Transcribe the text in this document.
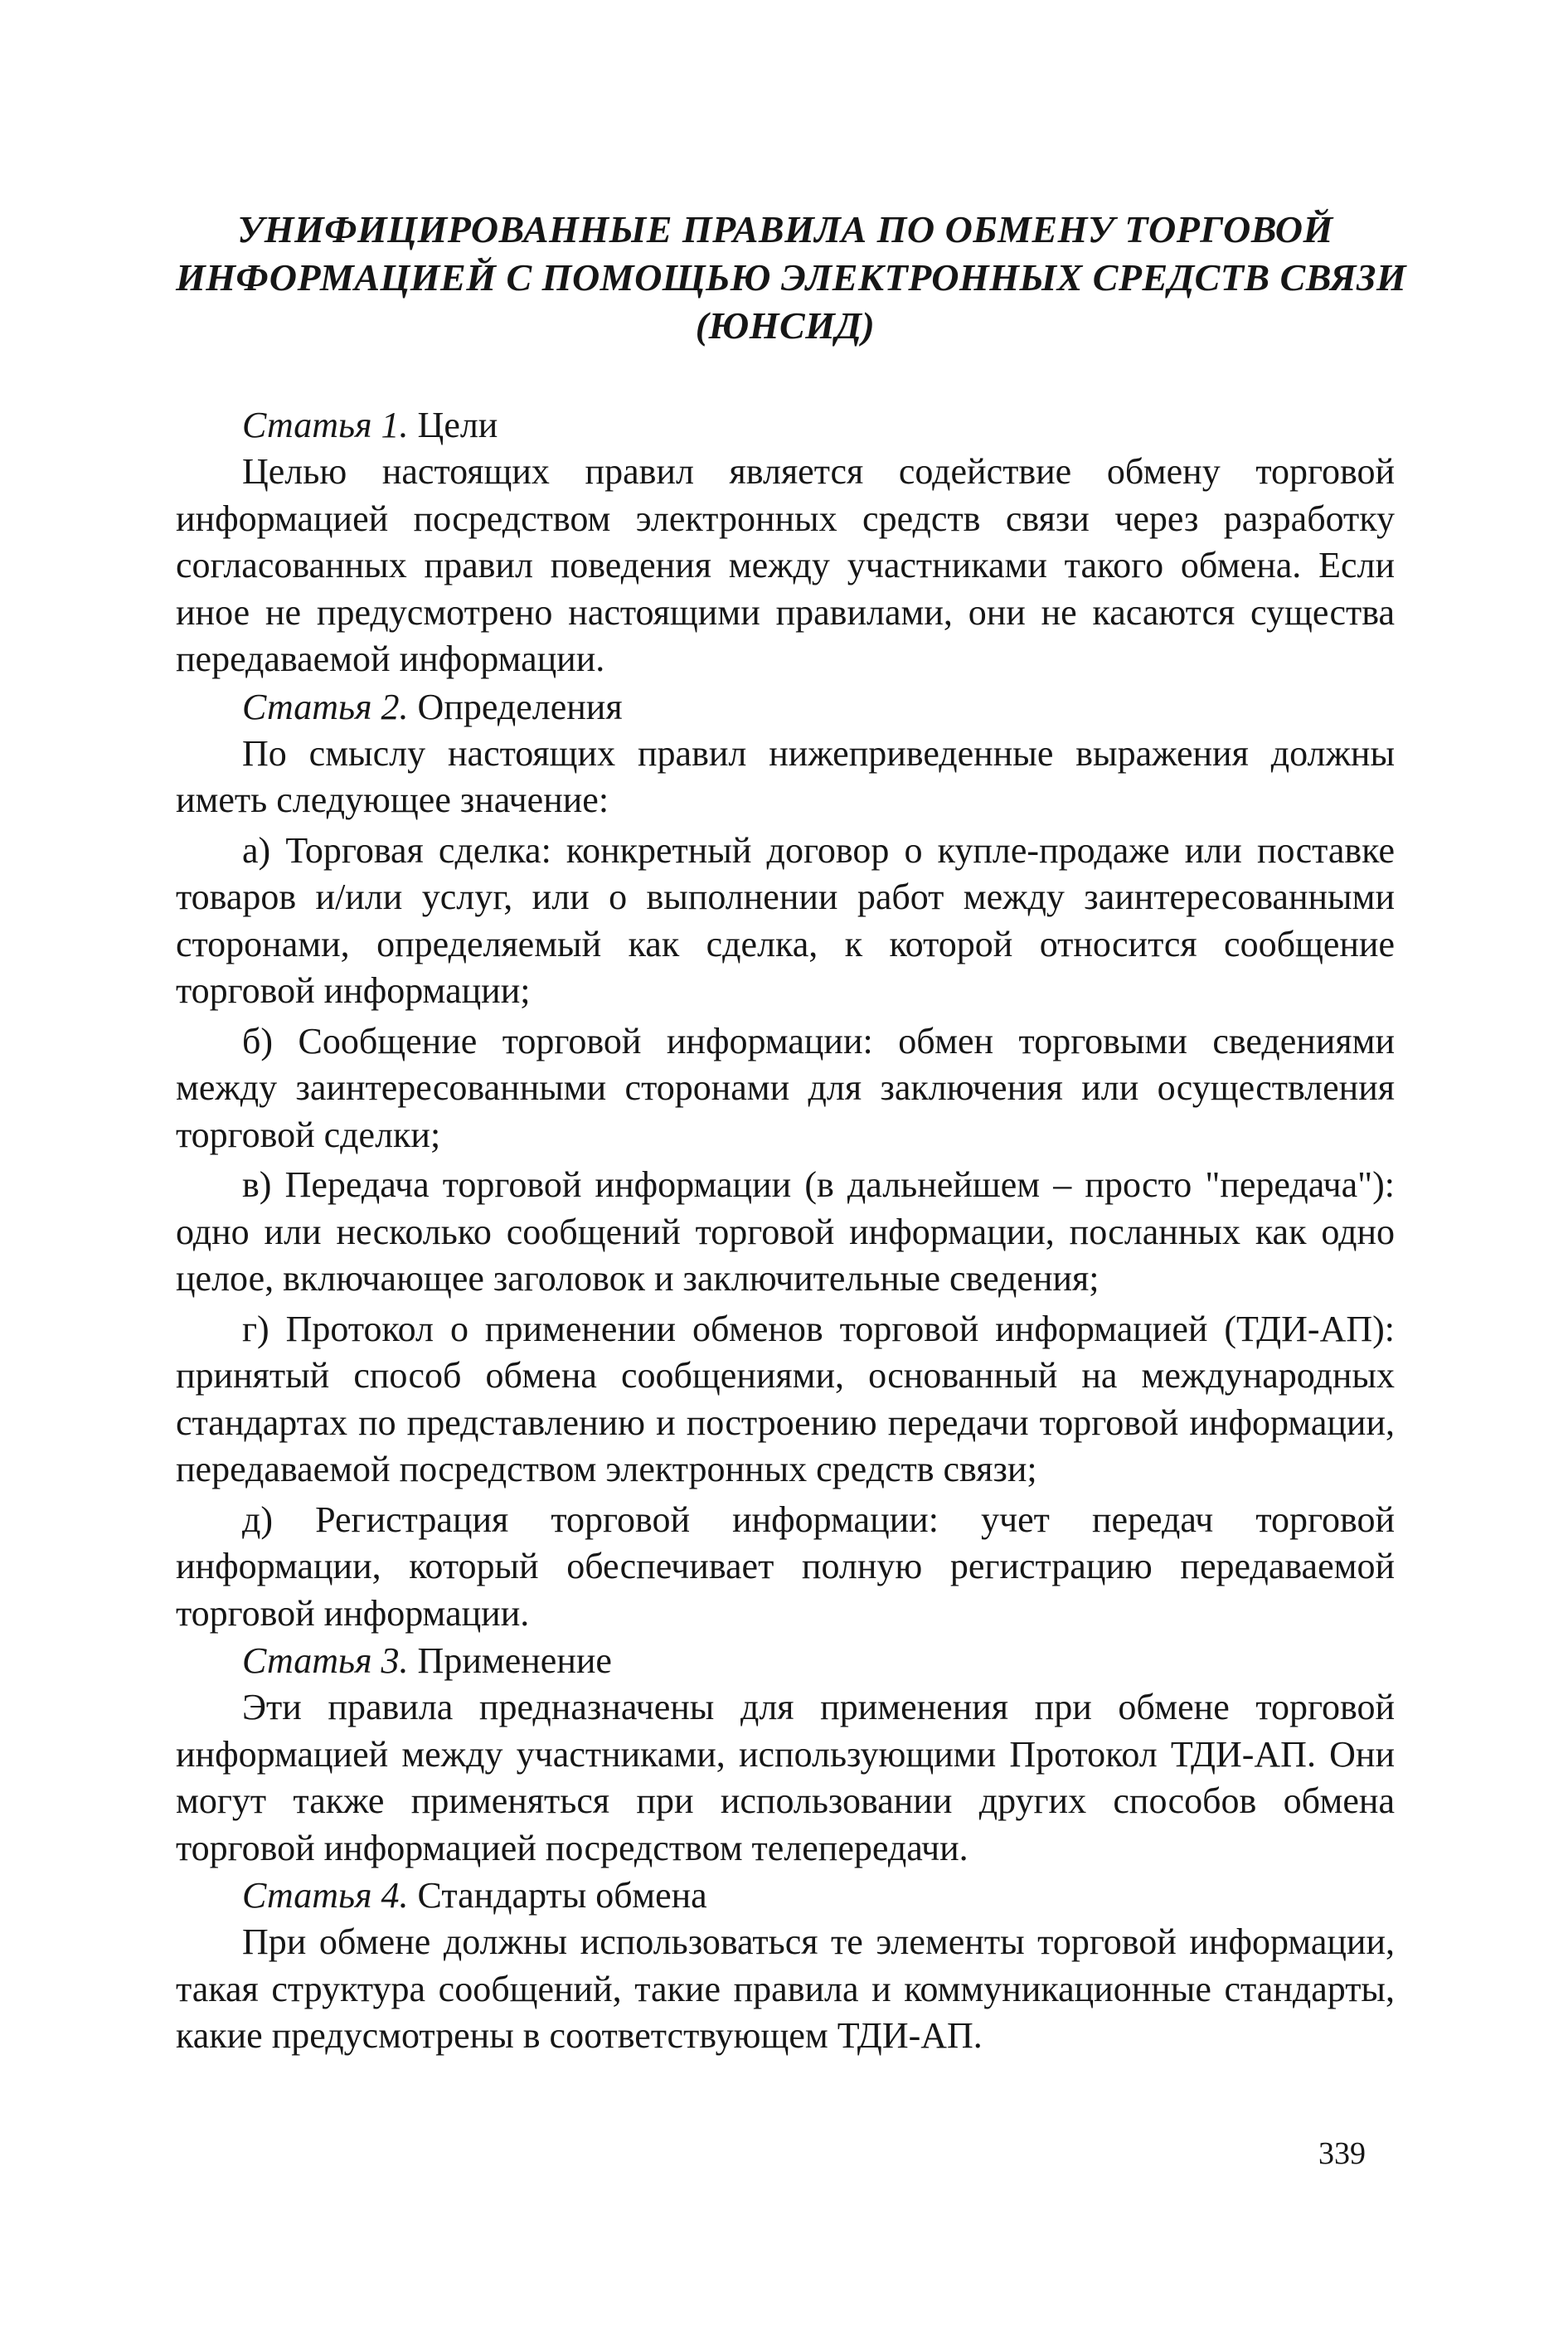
УНИФИЦИРОВАННЫЕ ПРАВИЛА ПО ОБМЕНУ ТОРГОВОЙ
ИНФОРМАЦИЕЙ С ПОМОЩЬЮ ЭЛЕКТРОННЫХ СРЕДСТВ СВЯЗИ
(ЮНСИД)

Статья 1. Цели

Целью настоящих правил является содействие обмену торговой информацией посредством электронных средств связи через разработку согласованных правил поведения между участниками такого обмена. Если иное не предусмотрено настоящими правилами, они не касаются существа передаваемой информации.

Статья 2. Определения

По смыслу настоящих правил нижеприведенные выражения должны иметь следующее значение:

а) Торговая сделка: конкретный договор о купле-продаже или поставке товаров и/или услуг, или о выполнении работ между заинтересованными сторонами, определяемый как сделка, к которой относится сообщение торговой информации;

б) Сообщение торговой информации: обмен торговыми сведениями между заинтересованными сторонами для заключения или осуществления торговой сделки;

в) Передача торговой информации (в дальнейшем – просто "передача"): одно или несколько сообщений торговой информации, посланных как одно целое, включающее заголовок и заключительные сведения;

г) Протокол о применении обменов торговой информацией (ТДИ-АП): принятый способ обмена сообщениями, основанный на международных стандартах по представлению и построению передачи торговой информации, передаваемой посредством электронных средств связи;

д) Регистрация торговой информации: учет передач торговой информации, который обеспечивает полную регистрацию передаваемой торговой информации.

Статья 3. Применение

Эти правила предназначены для применения при обмене торговой информацией между участниками, использующими Протокол ТДИ-АП. Они могут также применяться при использовании других способов обмена торговой информацией посредством телепередачи.

Статья 4. Стандарты обмена

При обмене должны использоваться те элементы торговой информации, такая структура сообщений, такие правила и коммуникационные стандарты, какие предусмотрены в соответствующем ТДИ-АП.

339
